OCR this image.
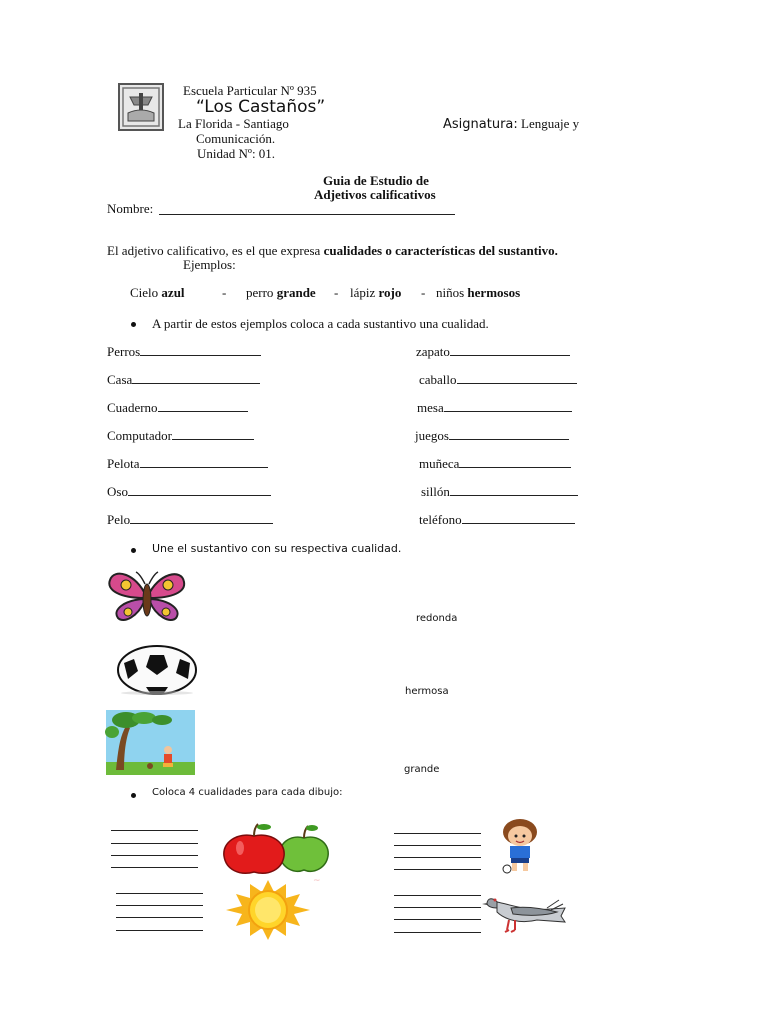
Escuela Particular Nº 935
“Los Castaños”
La Florida - Santiago	Asignatura: Lenguaje y
Comunicación.
Unidad Nº: 01.
Guia de Estudio de
Adjetivos calificativos
Nombre:
El adjetivo calificativo, es el que expresa cualidades o características del sustantivo.
Ejemplos:
Cielo azul	- perro grande - lápiz rojo - niños hermosos
A partir de estos ejemplos coloca a cada sustantivo una cualidad.
Perros
Casa
Cuaderno
Computador
Pelota
Oso
Pelo
zapato
caballo
mesa
juegos
muñeca
sillón
teléfono
Une el sustantivo con su respectiva cualidad.
redonda
hermosa
grande
Coloca 4 cualidades para cada dibujo:
~
